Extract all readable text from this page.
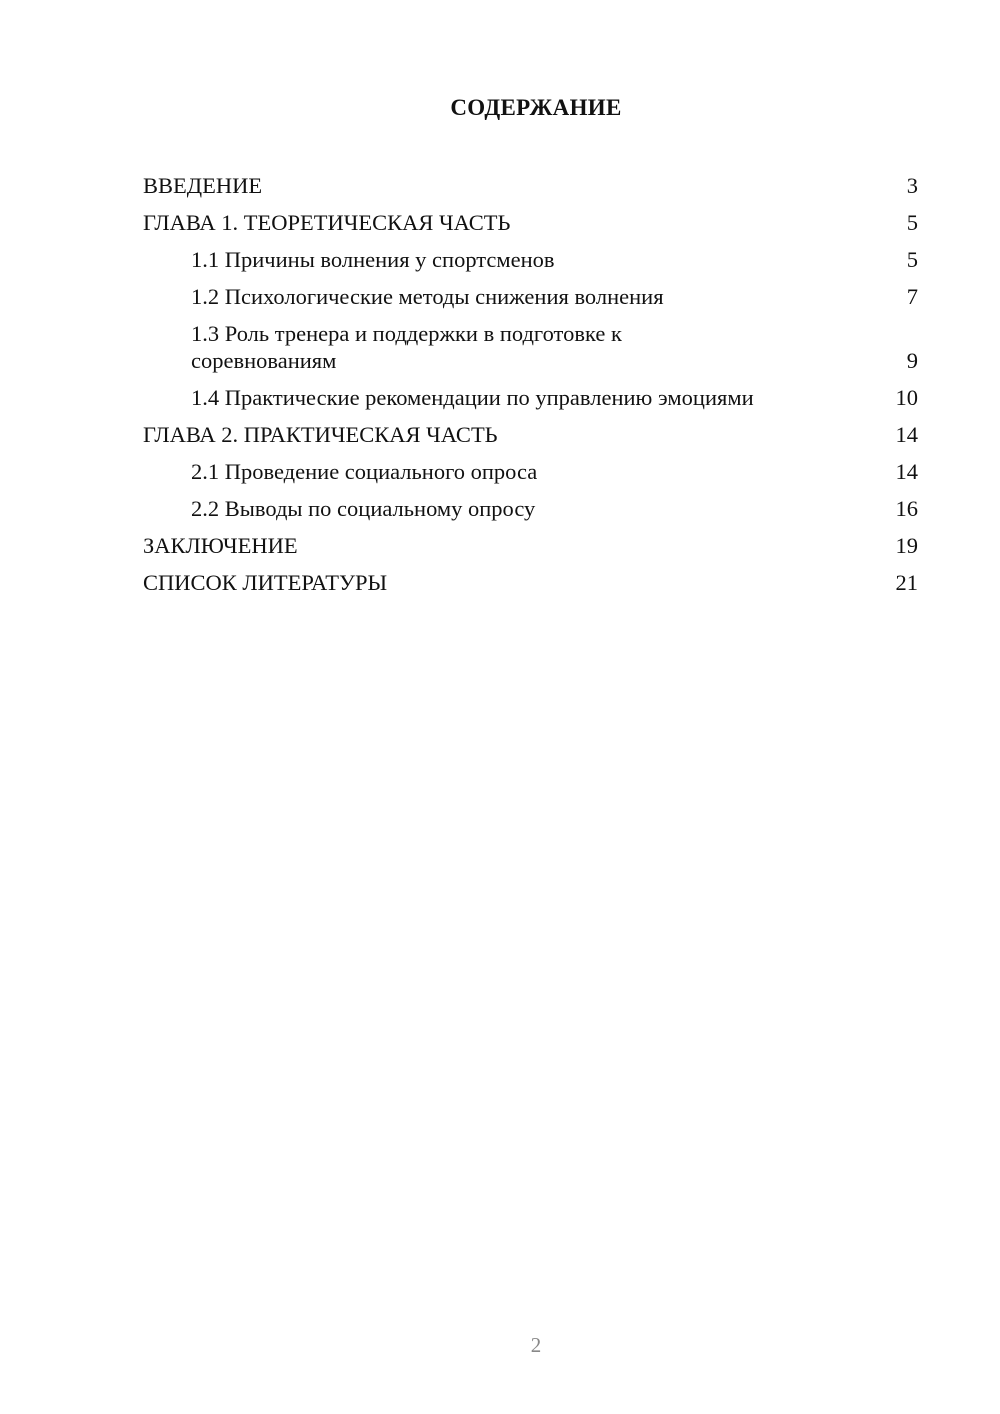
СОДЕРЖАНИЕ
ВВЕДЕНИЕ	3
ГЛАВА 1. ТЕОРЕТИЧЕСКАЯ ЧАСТЬ	5
1.1 Причины волнения у спортсменов	5
1.2 Психологические методы снижения волнения	7
1.3 Роль тренера и поддержки в подготовке к соревнованиям	9
1.4 Практические рекомендации по управлению эмоциями	10
ГЛАВА 2. ПРАКТИЧЕСКАЯ ЧАСТЬ	14
2.1 Проведение социального опроса	14
2.2 Выводы по социальному опросу	16
ЗАКЛЮЧЕНИЕ	19
СПИСОК ЛИТЕРАТУРЫ	21
2
